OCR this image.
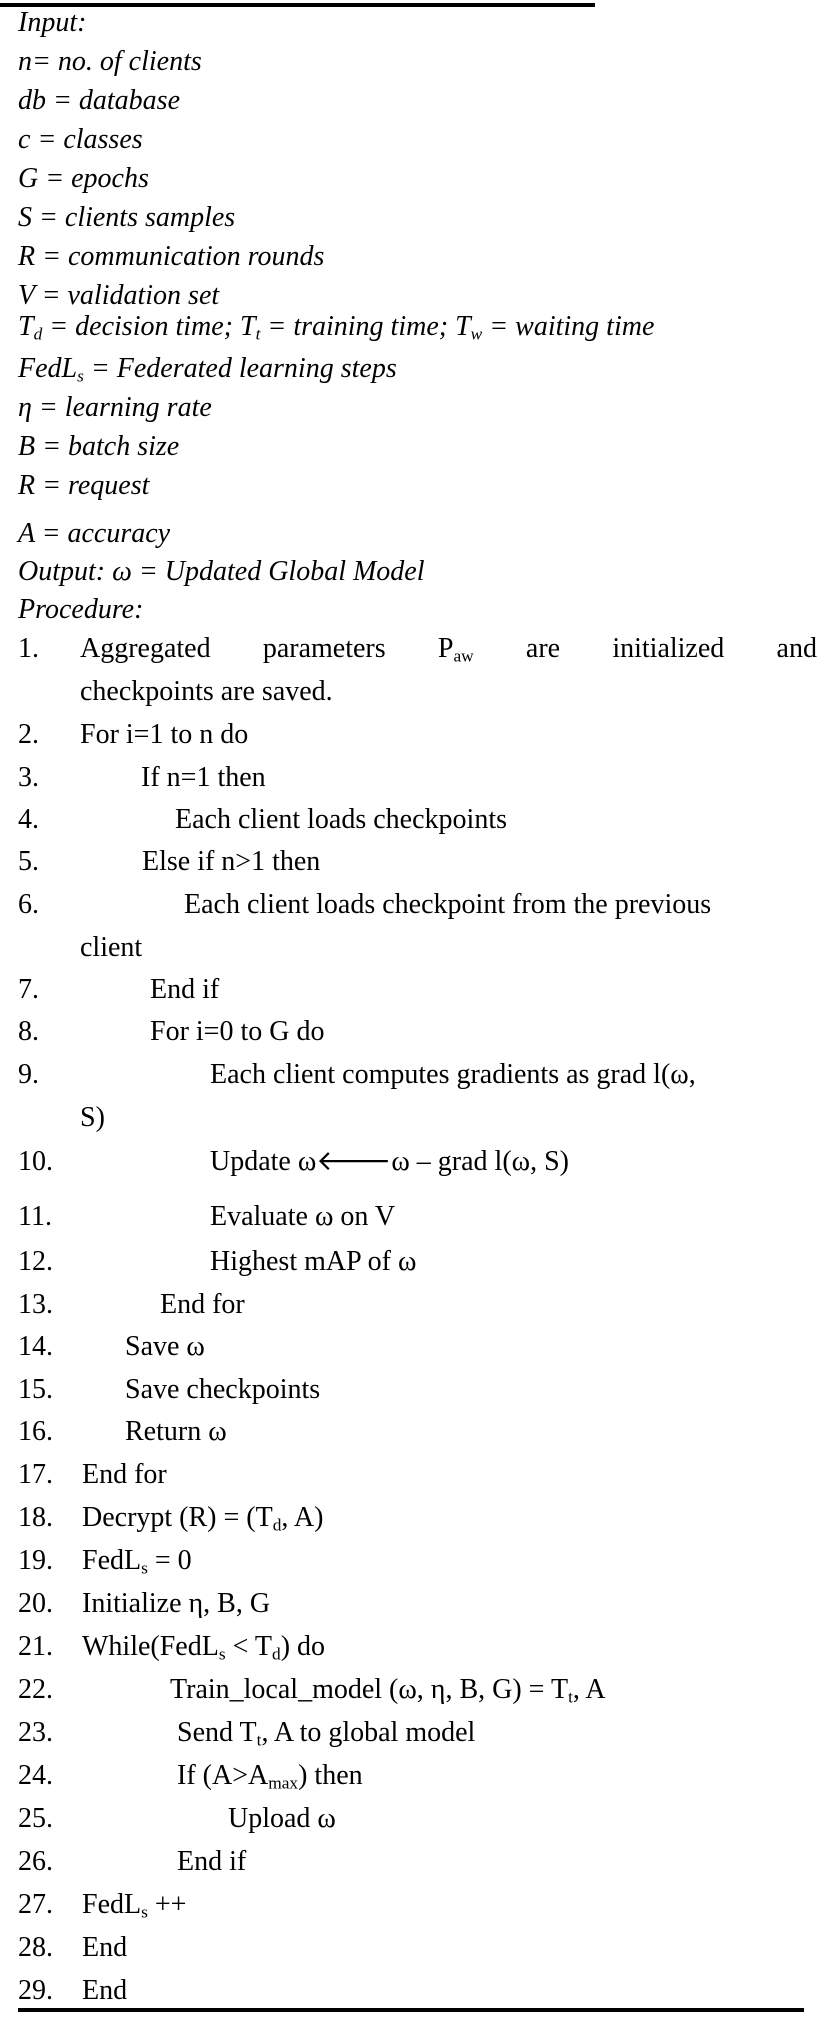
Input:
n= no. of clients
db = database
c = classes
G = epochs
S = clients samples
R = communication rounds
V = validation set
$T_d$ = decision time; $T_t$ = training time; $T_w$ = waiting time
FedL$_s$ = Federated learning steps
η = learning rate
B = batch size
R = request
A = accuracy
Output: ω = Updated Global Model
Procedure:
1. Aggregated parameters $P_{aw}$ are initialized and
checkpoints are saved.
2. For i=1 to n do
3.	If n=1 then
4.	Each client loads checkpoints
5.	Else if n>1 then
6.	Each client loads checkpoint from the previous
client
7.	End if
8.	For i=0 to G do
9.	Each client computes gradients as grad l(ω,
S)
10.	Update ω🡐ω – grad l(ω, S)
11.	Evaluate ω on V
12.	Highest mAP of ω
13.	End for
14.	Save ω
15.	Save checkpoints
16.	Return ω
17. End for
18. Decrypt $(R) = (T_d$, A)
19. FedL$_s$ = 0
20. Initialize η, B, G
21. While(FedL$_s$ < $T_d$) do
22.	Train_local_model (ω, η, B, $G) = T_t$, A
23.	Send $T_t$, A to global model
24.	If $(A>A_{max})$ then
25.	Upload ω
26.	End if
27. FedL$_s$ ++
28. End
29. End
